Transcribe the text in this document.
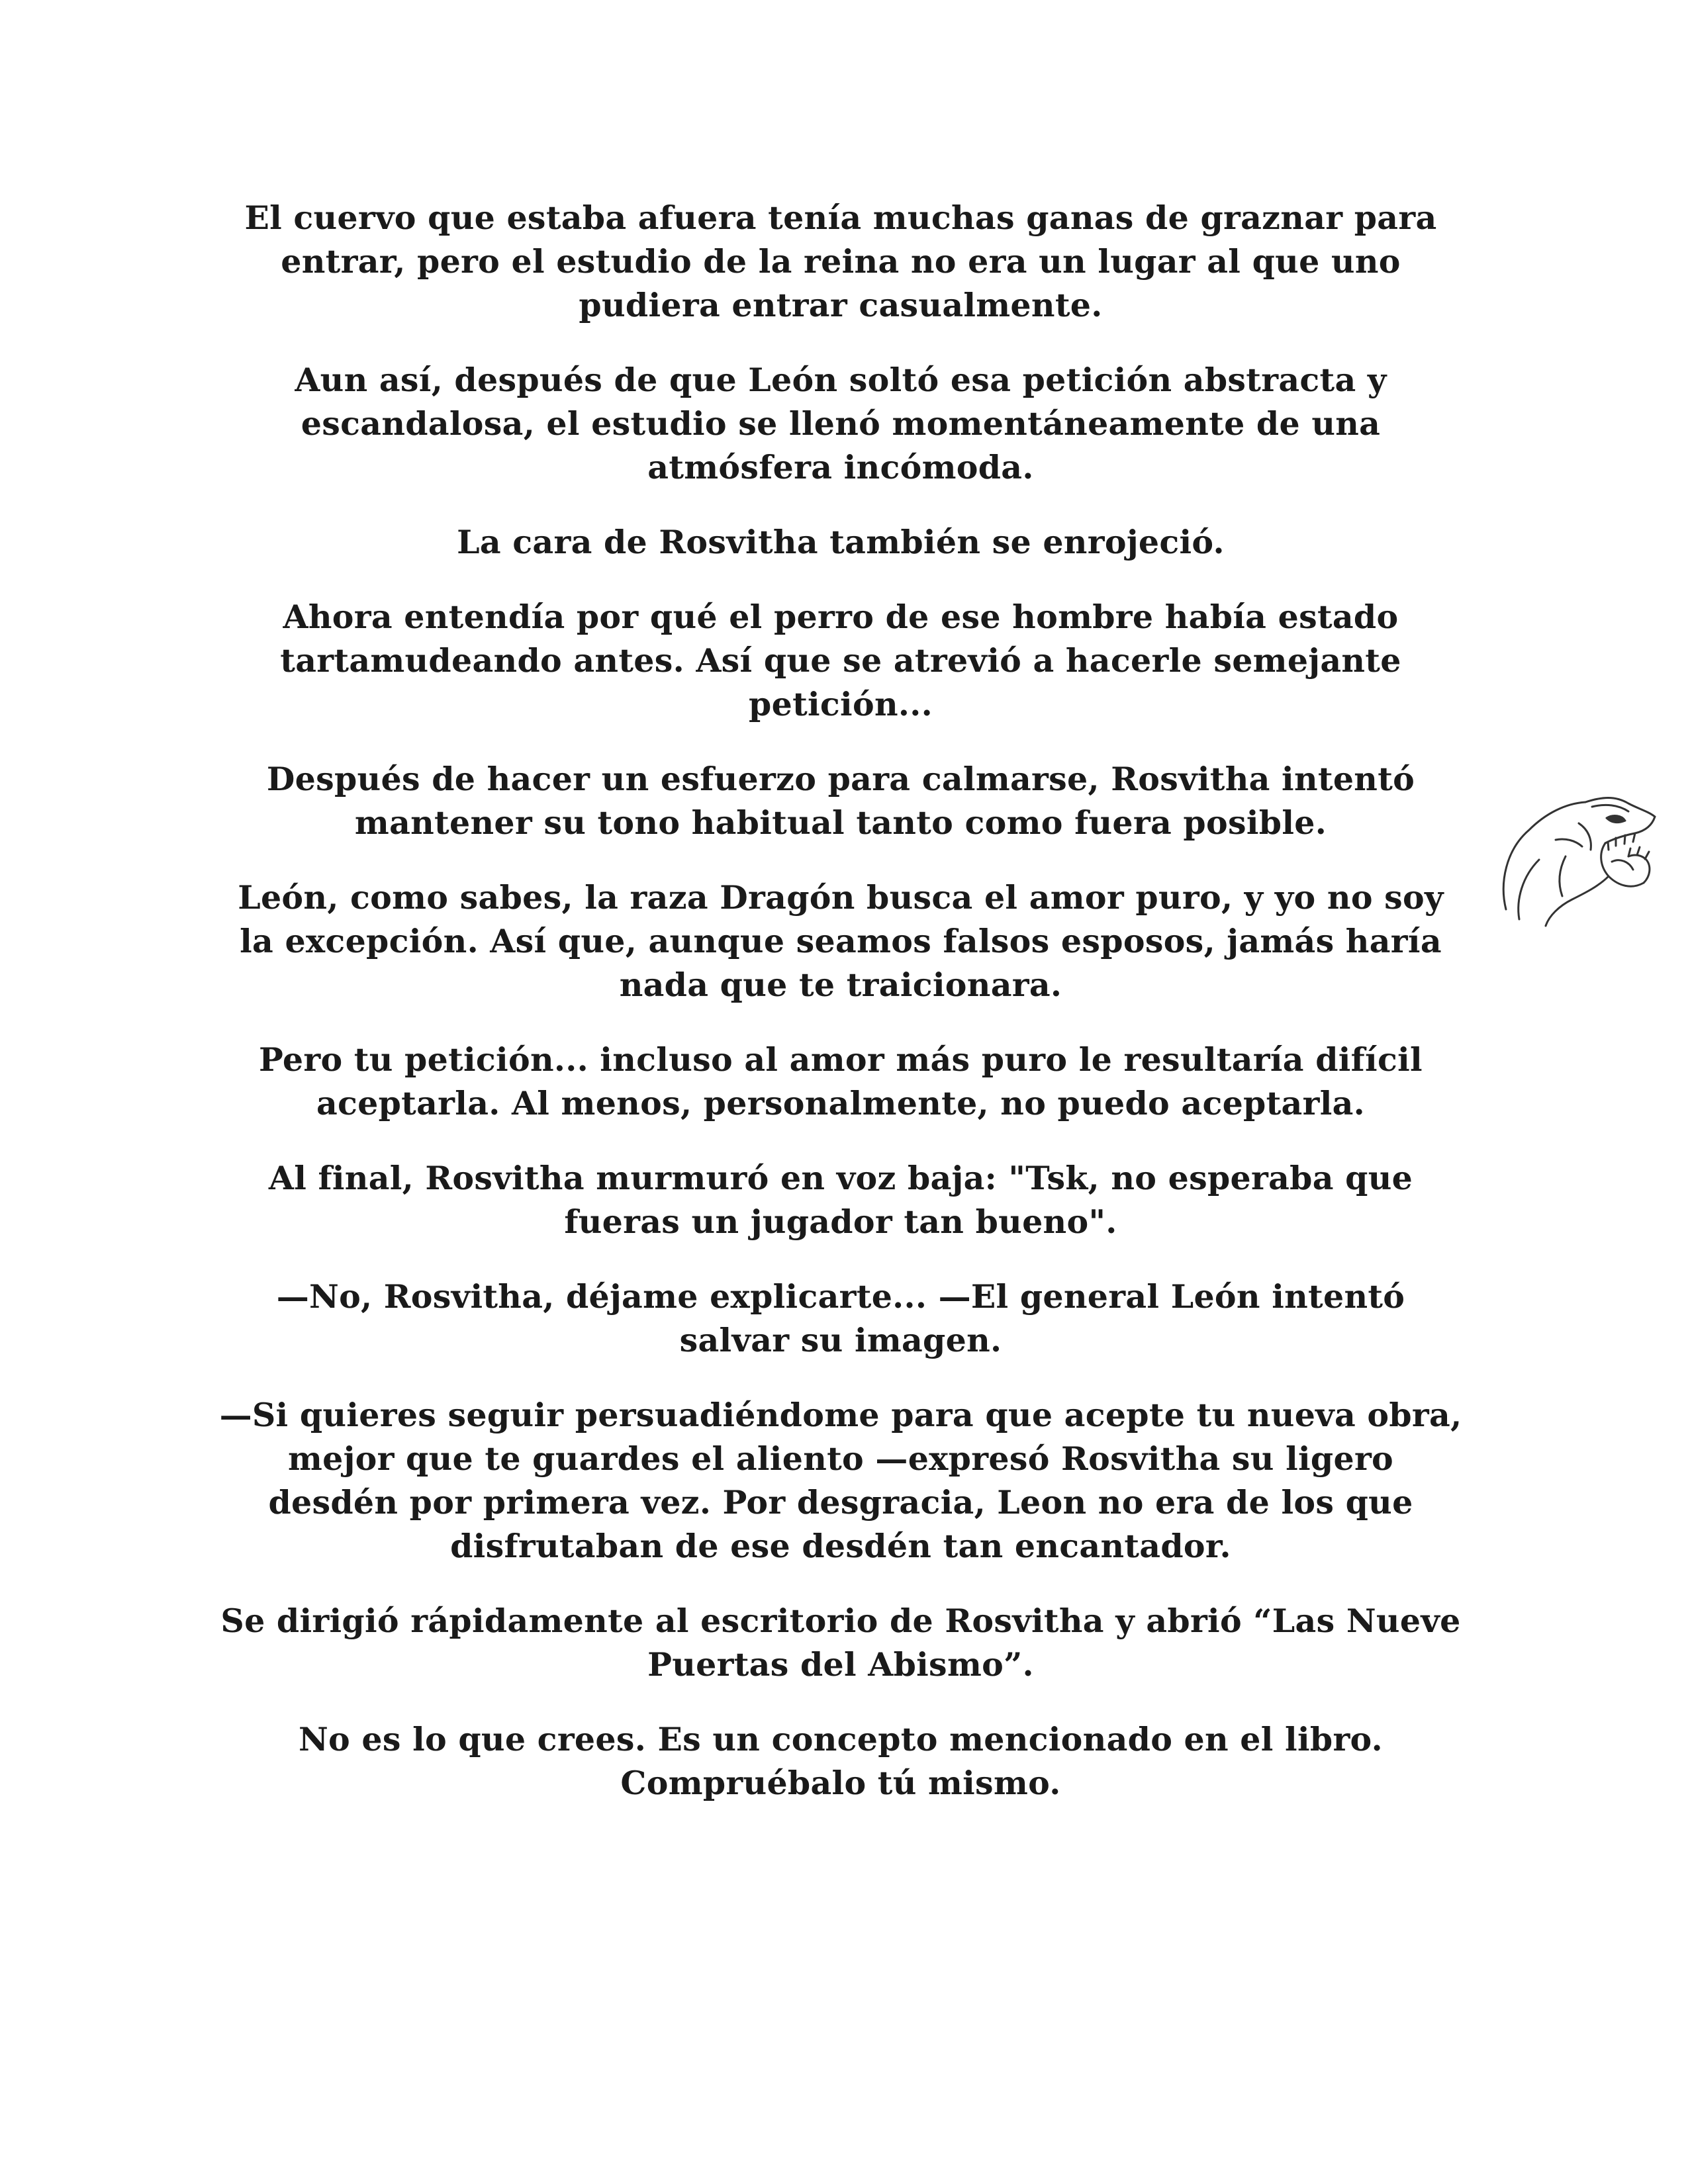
El cuervo que estaba afuera tenía muchas ganas de graznar para entrar, pero el estudio de la reina no era un lugar al que uno pudiera entrar casualmente.

Aun así, después de que León soltó esa petición abstracta y escandalosa, el estudio se llenó momentáneamente de una atmósfera incómoda.

La cara de Rosvitha también se enrojeció.

Ahora entendía por qué el perro de ese hombre había estado tartamudeando antes. Así que se atrevió a hacerle semejante petición...

Después de hacer un esfuerzo para calmarse, Rosvitha intentó mantener su tono habitual tanto como fuera posible.

León, como sabes, la raza Dragón busca el amor puro, y yo no soy la excepción. Así que, aunque seamos falsos esposos, jamás haría nada que te traicionara.

Pero tu petición... incluso al amor más puro le resultaría difícil aceptarla. Al menos, personalmente, no puedo aceptarla.

Al final, Rosvitha murmuró en voz baja: "Tsk, no esperaba que fueras un jugador tan bueno".

—No, Rosvitha, déjame explicarte... —El general León intentó salvar su imagen.

—Si quieres seguir persuadiéndome para que acepte tu nueva obra, mejor que te guardes el aliento —expresó Rosvitha su ligero desdén por primera vez. Por desgracia, Leon no era de los que disfrutaban de ese desdén tan encantador.

Se dirigió rápidamente al escritorio de Rosvitha y abrió “Las Nueve Puertas del Abismo”.

No es lo que crees. Es un concepto mencionado en el libro. Compruébalo tú mismo.
